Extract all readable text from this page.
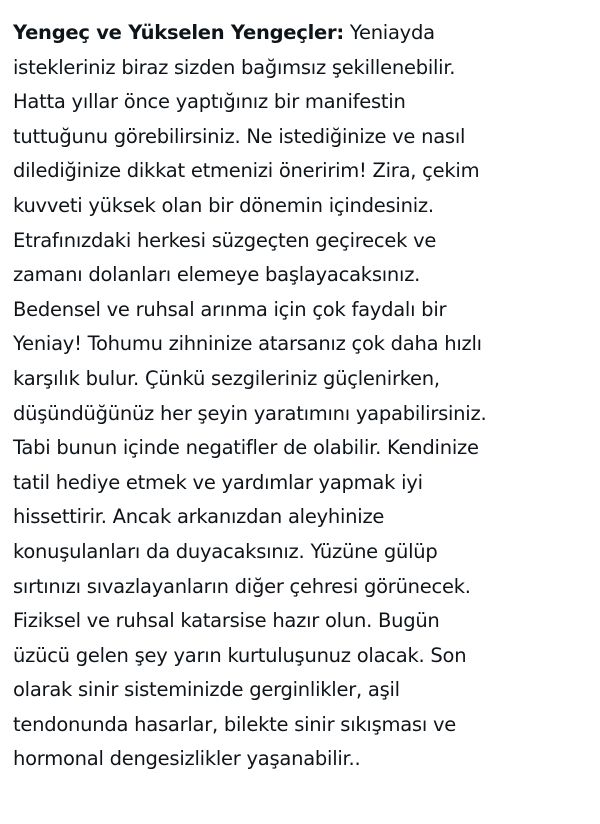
Yengeç ve Yükselen Yengeçler: Yeniayda
istekleriniz biraz sizden bağımsız şekillenebilir.
Hatta yıllar önce yaptığınız bir manifestin
tuttuğunu görebilirsiniz. Ne istediğinize ve nasıl
dilediğinize dikkat etmenizi öneririm! Zira, çekim
kuvveti yüksek olan bir dönemin içindesiniz.
Etrafınızdaki herkesi süzgeçten geçirecek ve
zamanı dolanları elemeye başlayacaksınız.
Bedensel ve ruhsal arınma için çok faydalı bir
Yeniay! Tohumu zihninize atarsanız çok daha hızlı
karşılık bulur. Çünkü sezgileriniz güçlenirken,
düşündüğünüz her şeyin yaratımını yapabilirsiniz.
Tabi bunun içinde negatifler de olabilir. Kendinize
tatil hediye etmek ve yardımlar yapmak iyi
hissettirir. Ancak arkanızdan aleyhinize
konuşulanları da duyacaksınız. Yüzüne gülüp
sırtınızı sıvazlayanların diğer çehresi görünecek.
Fiziksel ve ruhsal katarsise hazır olun. Bugün
üzücü gelen şey yarın kurtuluşunuz olacak. Son
olarak sinir sisteminizde gerginlikler, aşil
tendonunda hasarlar, bilekte sinir sıkışması ve
hormonal dengesizlikler yaşanabilir..
